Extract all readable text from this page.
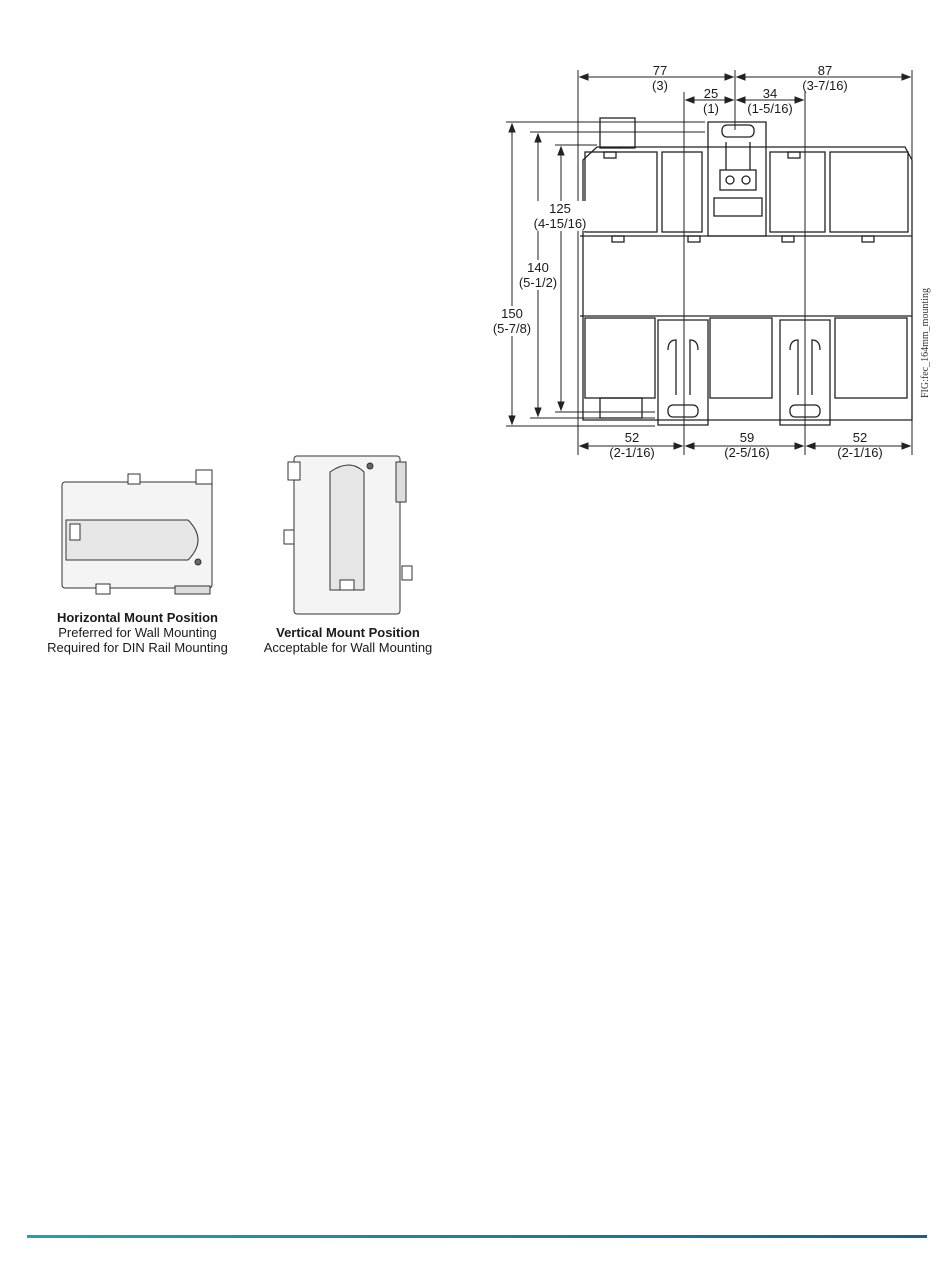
77
(3)
87
(3-7/16)
25
(1)
34
(1-5/16)
125
(4-15/16)
140
(5-1/2)
150
(5-7/8)
52
(2-1/16)
59
(2-5/16)
52
(2-1/16)
FIG:fec_164mm_mounting
Horizontal Mount Position
Preferred for Wall Mounting
Required for DIN Rail Mounting
Vertical Mount Position
Acceptable for Wall Mounting
